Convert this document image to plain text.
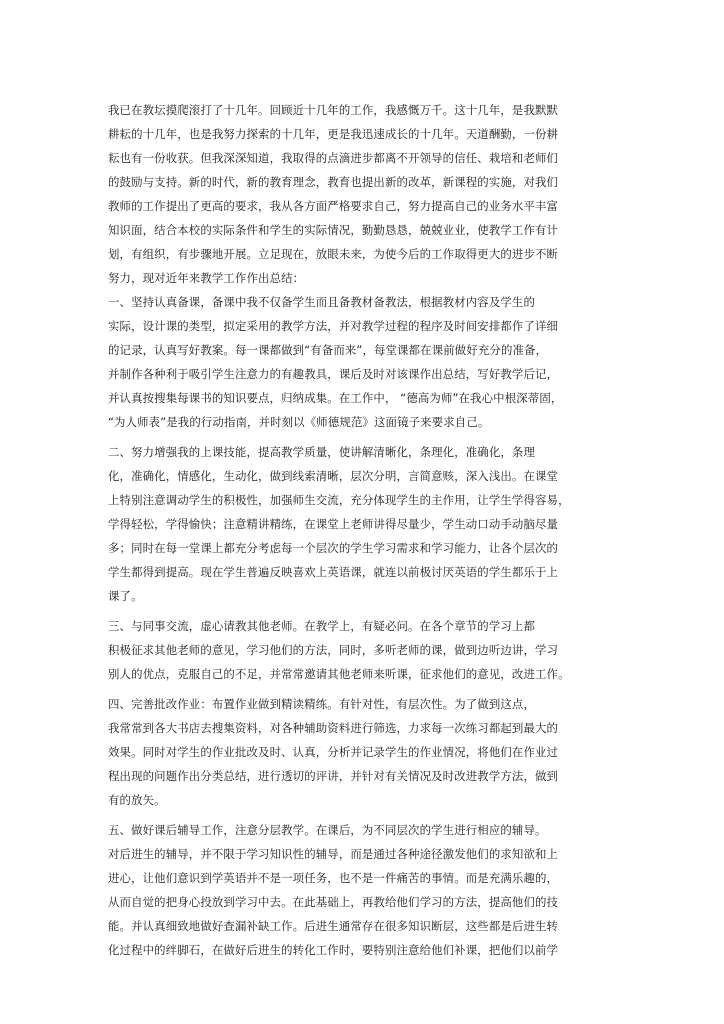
我已在教坛摸爬滚打了十几年。回顾近十几年的工作，我感慨万千。这十几年，是我默默
耕耘的十几年，也是我努力探索的十几年，更是我迅速成长的十几年。天道酬勤，一份耕
耘也有一份收获。但我深深知道，我取得的点滴进步都离不开领导的信任、栽培和老师们
的鼓励与支持。新的时代，新的教育理念，教育也提出新的改革，新课程的实施，对我们
教师的工作提出了更高的要求，我从各方面严格要求自己，努力提高自己的业务水平丰富
知识面，结合本校的实际条件和学生的实际情况，勤勤恳恳，兢兢业业，使教学工作有计
划，有组织，有步骤地开展。立足现在，放眼未来，为使今后的工作取得更大的进步不断
努力，现对近年来教学工作作出总结：
一、坚持认真备课，备课中我不仅备学生而且备教材备教法，根据教材内容及学生的
实际，设计课的类型，拟定采用的教学方法，并对教学过程的程序及时间安排都作了详细
的记录，认真写好教案。每一课都做到“有备而来”，每堂课都在课前做好充分的准备，
并制作各种利于吸引学生注意力的有趣教具，课后及时对该课作出总结，写好教学后记，
并认真按搜集每课书的知识要点，归纳成集。在工作中， “德高为师”在我心中根深蒂固，
“为人师表”是我的行动指南，并时刻以《师德规范》这面镜子来要求自己。
二、努力增强我的上课技能，提高教学质量，使讲解清晰化，条理化，准确化，条理
化，准确化，情感化，生动化，做到线索清晰，层次分明，言简意赅，深入浅出。在课堂
上特别注意调动学生的积极性，加强师生交流，充分体现学生的主作用，让学生学得容易，
学得轻松，学得愉快；注意精讲精练，在课堂上老师讲得尽量少，学生动口动手动脑尽量
多；同时在每一堂课上都充分考虑每一个层次的学生学习需求和学习能力，让各个层次的
学生都得到提高。现在学生普遍反映喜欢上英语课，就连以前极讨厌英语的学生都乐于上
课了。
三、与同事交流，虚心请教其他老师。在教学上，有疑必问。在各个章节的学习上都
积极征求其他老师的意见，学习他们的方法，同时，多听老师的课，做到边听边讲，学习
别人的优点，克服自己的不足，并常常邀请其他老师来听课，征求他们的意见，改进工作。
四、完善批改作业：布置作业做到精读精练。有针对性，有层次性。为了做到这点，
我常常到各大书店去搜集资料，对各种辅助资料进行筛选，力求每一次练习都起到最大的
效果。同时对学生的作业批改及时、认真，分析并记录学生的作业情况，将他们在作业过
程出现的问题作出分类总结，进行透切的评讲，并针对有关情况及时改进教学方法，做到
有的放矢。
五、做好课后辅导工作，注意分层教学。在课后，为不同层次的学生进行相应的辅导。
对后进生的辅导，并不限于学习知识性的辅导，而是通过各种途径激发他们的求知欲和上
进心，让他们意识到学英语并不是一项任务，也不是一件痛苦的事情。而是充满乐趣的，
从而自觉的把身心投放到学习中去。在此基础上，再教给他们学习的方法，提高他们的技
能。并认真细致地做好查漏补缺工作。后进生通常存在很多知识断层，这些都是后进生转
化过程中的绊脚石，在做好后进生的转化工作时，要特别注意给他们补课，把他们以前学
